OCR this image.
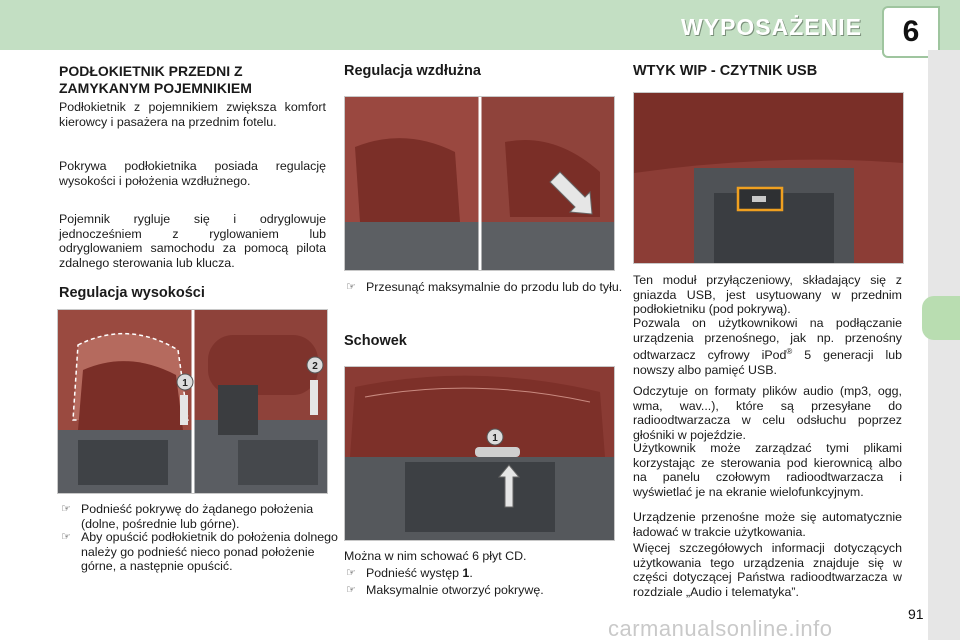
WYPOSAŻENIE	6
PODŁOKIETNIK PRZEDNI Z
ZAMYKANYM POJEMNIKIEM

Podłokietnik z pojemnikiem zwiększa komfort kierowcy i pasażera na przednim fotelu.

Pokrywa podłokietnika posiada regulację wysokości i położenia wzdłużnego.

Pojemnik rygluje się i odryglowuje jednocześniem z ryglowaniem lub odryglowaniem samochodu za pomocą pilota zdalnego sterowania lub klucza.

Regulacja wysokości
1
2
☞ Podnieść pokrywę do żądanego położenia (dolne, pośrednie lub górne).
☞ Aby opuścić podłokietnik do położenia dolnego należy go podnieść nieco ponad położenie górne, a następnie opuścić.
Regulacja wzdłużna
☞ Przesunąć maksymalnie do przodu lub do tyłu.
Schowek
1

Można w nim schować 6 płyt CD.

☞ Podnieść występ 1.
☞ Maksymalnie otworzyć pokrywę.
WTYK WIP - CZYTNIK USB

Ten moduł przyłączeniowy, składający się z gniazda USB, jest usytuowany w przednim podłokietniku (pod pokrywą).

Pozwala on użytkownikowi na podłączanie urządzenia przenośnego, jak np. przenośny odtwarzacz cyfrowy iPod® 5 generacji lub nowszy albo pamięć USB.

Odczytuje on formaty plików audio (mp3, ogg, wma, wav...), które są przesyłane do radioodtwarzacza w celu odsłuchu poprzez głośniki w pojeździe.

Użytkownik może zarządzać tymi plikami korzystając ze sterowania pod kierownicą albo na panelu czołowym radioodtwarzacza i wyświetlać je na ekranie wielofunkcyjnym.

Urządzenie przenośne może się automatycznie ładować w trakcie użytkowania.

Więcej szczegółowych informacji dotyczących użytkowania tego urządzenia znajduje się w części dotyczącej Państwa radioodtwarzacza w rozdziale „Audio i telematyka”.

91
carmanualsonline.info
